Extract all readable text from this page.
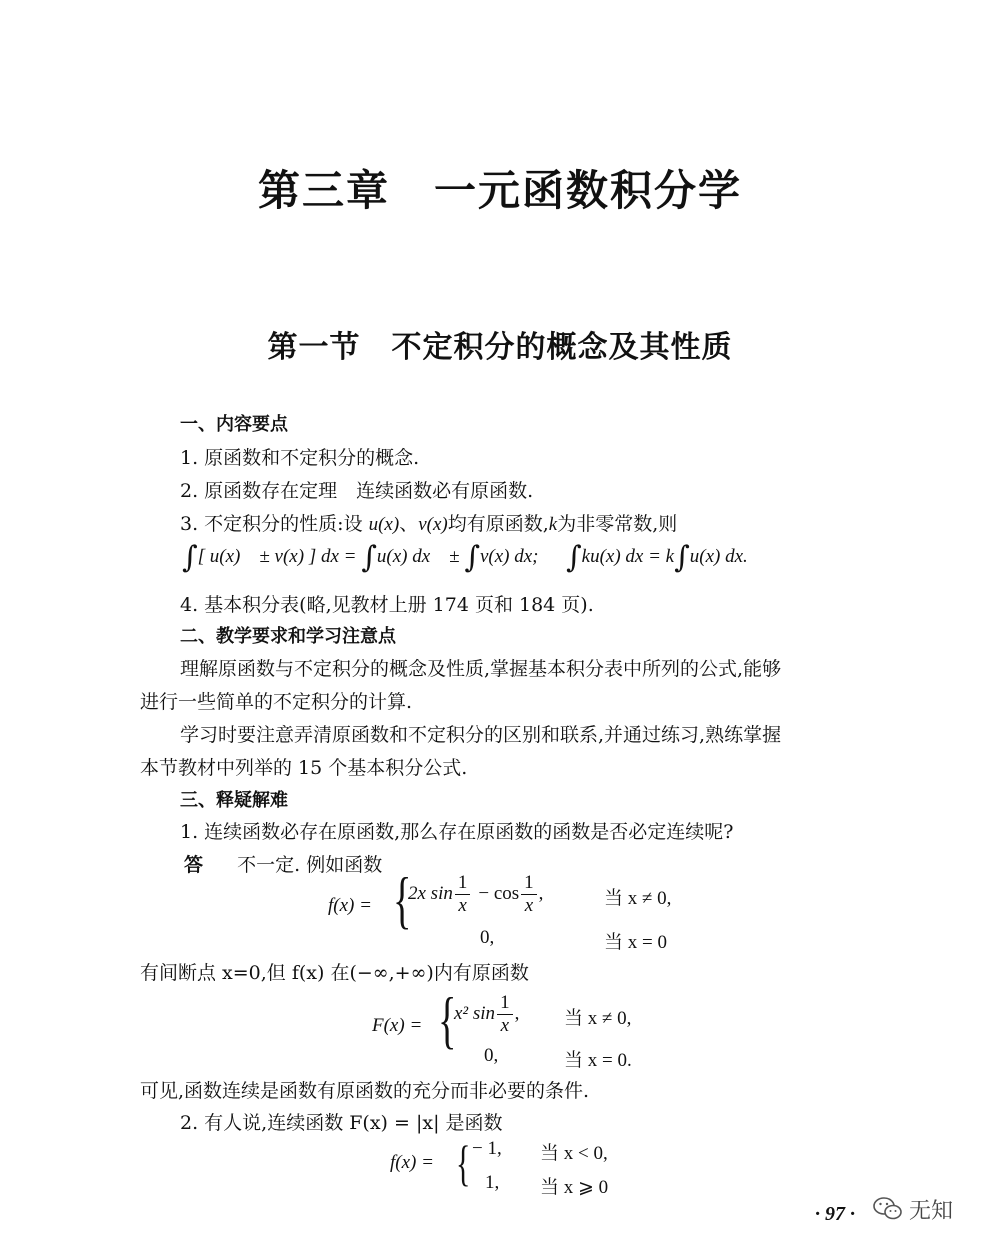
第三章　一元函数积分学
第一节　不定积分的概念及其性质
一、内容要点
1. 原函数和不定积分的概念.
2. 原函数存在定理　连续函数必有原函数.
3. 不定积分的性质:设 u(x)、v(x)均有原函数,k为非零常数,则
∫[ u(x)　± v(x) ] dx = ∫u(x) dx　± ∫v(x) dx; ∫ku(x) dx = k∫u(x) dx.
4. 基本积分表(略,见教材上册 174 页和 184 页).
二、教学要求和学习注意点
理解原函数与不定积分的概念及性质,掌握基本积分表中所列的公式,能够
进行一些简单的不定积分的计算.
学习时要注意弄清原函数和不定积分的区别和联系,并通过练习,熟练掌握
本节教材中列举的 15 个基本积分公式.
三、释疑解难
1. 连续函数必存在原函数,那么存在原函数的函数是否必定连续呢?
答 不一定. 例如函数
f(x) = {
2x $\sin \frac{1}{x} - \cos \frac{1}{x}$ ,	当 x ≠ 0,
0,	当 x = 0
有间断点 x=0,但 f(x) 在(−∞,+∞)内有原函数
F(x) = {
x² $\sin \frac{1}{x}$ , 当 x ≠ 0,
0,	当 x = 0.
可见,函数连续是函数有原函数的充分而非必要的条件.
2. 有人说,连续函数 F(x) = |x| 是函数
f(x) = { − 1, 当 x < 0,
1, 当 x ⩾ 0
· 97 · 无知
